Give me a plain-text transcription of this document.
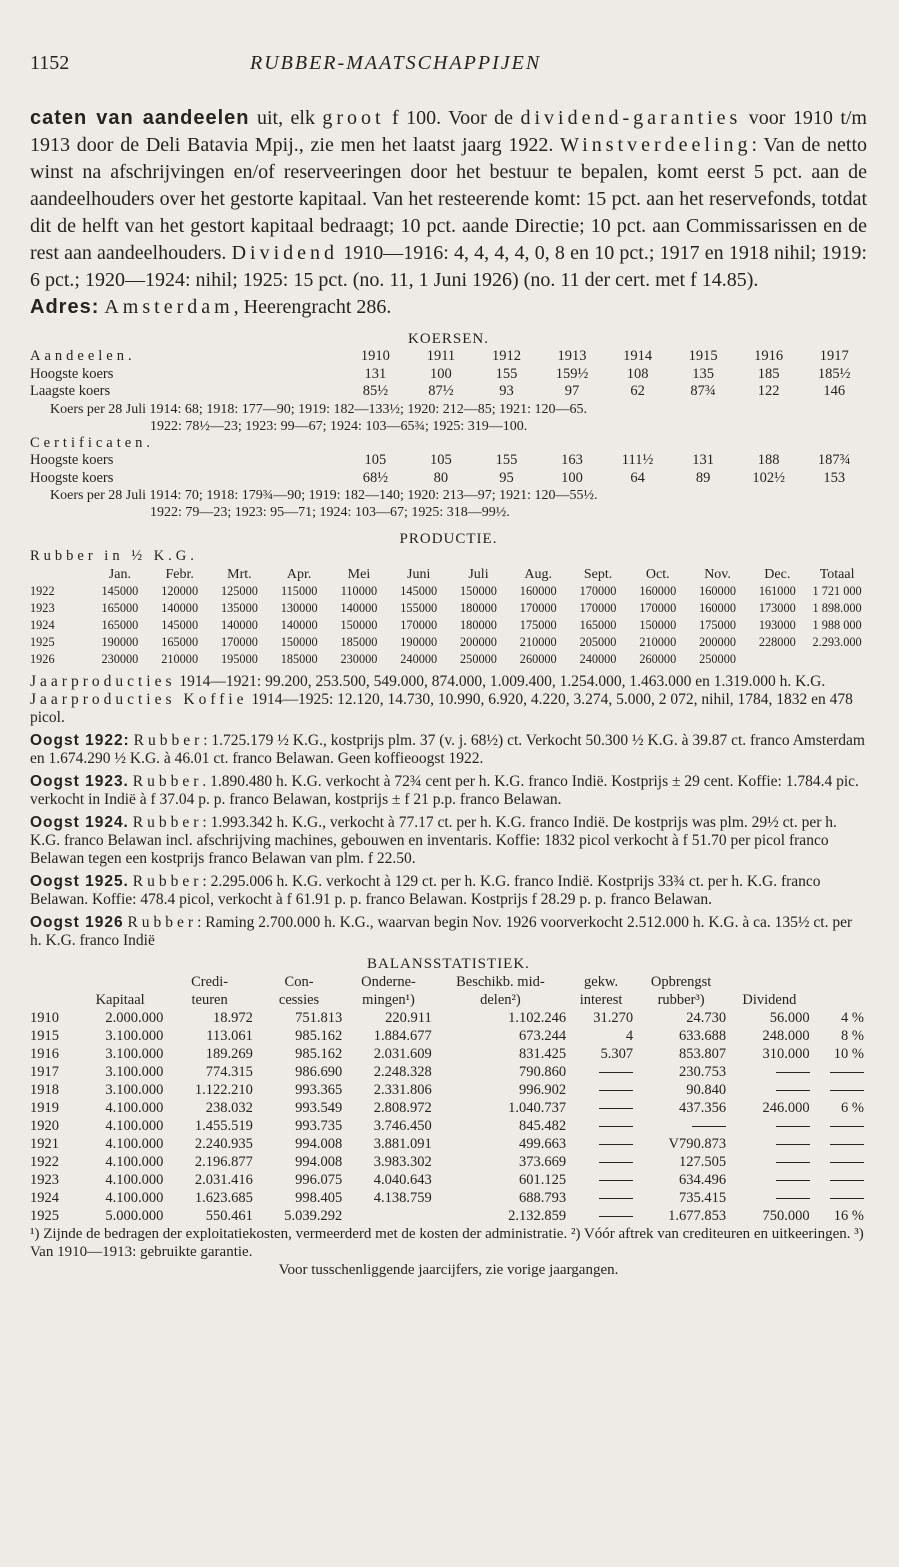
1152	RUBBER-MAATSCHAPPIJEN

caten van aandeelen uit, elk groot f 100. Voor de dividend-garanties voor 1910 t/m 1913 door de Deli Batavia Mpij., zie men het laatst jaarg 1922. Winstverdeeling: Van de netto winst na afschrijvingen en/of reserveeringen door het bestuur te bepalen, komt eerst 5 pct. aan de aandeelhouders over het gestorte kapitaal. Van het resteerende komt: 15 pct. aan het reservefonds, totdat dit de helft van het gestort kapitaal bedraagt; 10 pct. aande Directie; 10 pct. aan Commissarissen en de rest aan aandeelhouders. Dividend 1910—1916: 4, 4, 4, 4, 0, 8 en 10 pct.; 1917 en 1918 nihil; 1919: 6 pct.; 1920—1924: nihil; 1925: 15 pct. (no. 11, 1 Juni 1926) (no. 11 der cert. met f 14.85).

Adres: Amsterdam, Heerengracht 286.

KOERSEN.
Aandeelen.	1910	1911	1912	1913	1914	1915	1916	1917
Hoogste koers	131	100	155	159½	108	135	185	185½
Laagste koers	85½	87½	93	97	62	87¾	122	146
Koers per 28 Juli 1914: 68; 1918: 177—90; 1919: 182—133½; 1920: 212—85; 1921: 120—65.
1922: 78½—23; 1923: 99—67; 1924: 103—65¾; 1925: 319—100.
Certificaten.
Hoogste koers	105	105	155	163	111½	131	188	187¾
Hoogste koers	68½	80	95	100	64	89	102½	153
Koers per 28 Juli 1914: 70; 1918: 179¾—90; 1919: 182—140; 1920: 213—97; 1921: 120—55½.
1922: 79—23; 1923: 95—71; 1924: 103—67; 1925: 318—99½.
PRODUCTIE.
Rubber in ½ K.G.
	Jan.	Febr.	Mrt.	Apr.	Mei	Juni	Juli	Aug.	Sept.	Oct.	Nov.	Dec.	Totaal
1922	145000	120000	125000	115000	110000	145000	150000	160000	170000	160000	160000	161000	1 721 000
1923	165000	140000	135000	130000	140000	155000	180000	170000	170000	170000	160000	173000	1 898.000
1924	165000	145000	140000	140000	150000	170000	180000	175000	165000	150000	175000	193000	1 988 000
1925	190000	165000	170000	150000	185000	190000	200000	210000	205000	210000	200000	228000	2.293.000
1926	230000	210000	195000	185000	230000	240000	250000	260000	240000	260000	250000		
Jaarproducties 1914—1921: 99.200, 253.500, 549.000, 874.000, 1.009.400, 1.254.000, 1.463.000 en 1.319.000 h. K.G.
Jaarproducties Koffie 1914—1925: 12.120, 14.730, 10.990, 6.920, 4.220, 3.274, 5.000, 2 072, nihil, 1784, 1832 en 478 picol.
Oogst 1922: Rubber: 1.725.179 ½ K.G., kostprijs plm. 37 (v. j. 68½) ct. Verkocht 50.300 ½ K.G. à 39.87 ct. franco Amsterdam en 1.674.290 ½ K.G. à 46.01 ct. franco Belawan. Geen koffieoogst 1922.
Oogst 1923. Rubber. 1.890.480 h. K.G. verkocht à 72¾ cent per h. K.G. franco Indië. Kostprijs ± 29 cent. Koffie: 1.784.4 pic. verkocht in Indië à f 37.04 p. p. franco Belawan, kostprijs ± f 21 p.p. franco Belawan.
Oogst 1924. Rubber: 1.993.342 h. K.G., verkocht à 77.17 ct. per h. K.G. franco Indië. De kostprijs was plm. 29½ ct. per h. K.G. franco Belawan incl. afschrijving machines, gebouwen en inventaris. Koffie: 1832 picol verkocht à f 51.70 per picol franco Belawan tegen een kostprijs franco Belawan van plm. f 22.50.
Oogst 1925. Rubber: 2.295.006 h. K.G. verkocht à 129 ct. per h. K.G. franco Indië. Kostprijs 33¾ ct. per h. K.G. franco Belawan. Koffie: 478.4 picol, verkocht à f 61.91 p. p. franco Belawan. Kostprijs f 28.29 p. p. franco Belawan.
Oogst 1926 Rubber: Raming 2.700.000 h. K.G., waarvan begin Nov. 1926 voorverkocht 2.512.000 h. K.G. à ca. 135½ ct. per h. K.G. franco Indië
BALANSSTATISTIEK.
		Credi-	Con-	Onderne-	Beschikb. mid-	gekw.	Opbrengst		
	Kapitaal	teuren	cessies	mingen¹)	delen²)	interest	rubber³)	Dividend	
1910	2.000.000	18.972	751.813	220.911	1.102.246	31.270	24.730	56.000	4 %
1915	3.100.000	113.061	985.162	1.884.677	673.244	4	633.688	248.000	8 %
1916	3.100.000	189.269	985.162	2.031.609	831.425	5.307	853.807	310.000	10 %
1917	3.100.000	774.315	986.690	2.248.328	790.860		230.753		
1918	3.100.000	1.122.210	993.365	2.331.806	996.902		90.840		
1919	4.100.000	238.032	993.549	2.808.972	1.040.737		437.356	246.000	6 %
1920	4.100.000	1.455.519	993.735	3.746.450	845.482				
1921	4.100.000	2.240.935	994.008	3.881.091	499.663		V790.873		
1922	4.100.000	2.196.877	994.008	3.983.302	373.669		127.505		
1923	4.100.000	2.031.416	996.075	4.040.643	601.125		634.496		
1924	4.100.000	1.623.685	998.405	4.138.759	688.793		735.415		
1925	5.000.000	550.461	5.039.292		2.132.859		1.677.853	750.000	16 %
¹) Zijnde de bedragen der exploitatiekosten, vermeerderd met de kosten der administratie. ²) Vóór aftrek van crediteuren en uitkeeringen. ³) Van 1910—1913: gebruikte garantie.
Voor tusschenliggende jaarcijfers, zie vorige jaargangen.
